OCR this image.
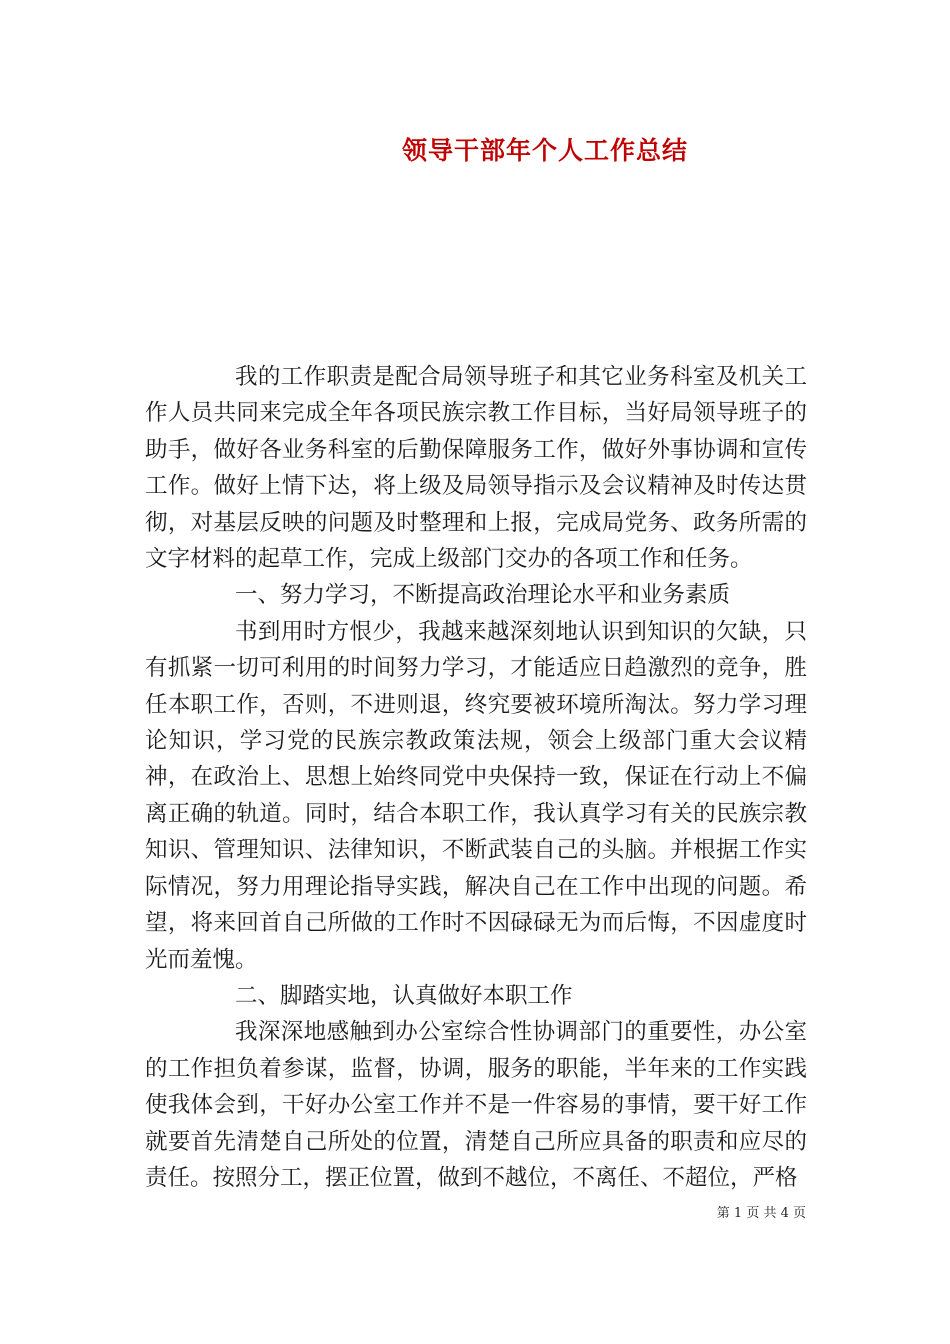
领导干部年个人工作总结

我的工作职责是配合局领导班子和其它业务科室及机关工作人员共同来完成全年各项民族宗教工作目标，当好局领导班子的助手，做好各业务科室的后勤保障服务工作，做好外事协调和宣传工作。做好上情下达，将上级及局领导指示及会议精神及时传达贯彻，对基层反映的问题及时整理和上报，完成局党务、政务所需的文字材料的起草工作，完成上级部门交办的各项工作和任务。

一、努力学习，不断提高政治理论水平和业务素质

书到用时方恨少，我越来越深刻地认识到知识的欠缺，只有抓紧一切可利用的时间努力学习，才能适应日趋激烈的竞争，胜任本职工作，否则，不进则退，终究要被环境所淘汰。努力学习理论知识，学习党的民族宗教政策法规，领会上级部门重大会议精神，在政治上、思想上始终同党中央保持一致，保证在行动上不偏离正确的轨道。同时，结合本职工作，我认真学习有关的民族宗教知识、管理知识、法律知识，不断武装自己的头脑。并根据工作实际情况，努力用理论指导实践，解决自己在工作中出现的问题。希望，将来回首自己所做的工作时不因碌碌无为而后悔，不因虚度时光而羞愧。

二、脚踏实地，认真做好本职工作

我深深地感触到办公室综合性协调部门的重要性，办公室的工作担负着参谋，监督，协调，服务的职能，半年来的工作实践使我体会到，干好办公室工作并不是一件容易的事情，要干好工作就要首先清楚自己所处的位置，清楚自己所应具备的职责和应尽的责任。按照分工，摆正位置，做到不越位，不离任、不超位，严格

第 1 页 共 4 页
